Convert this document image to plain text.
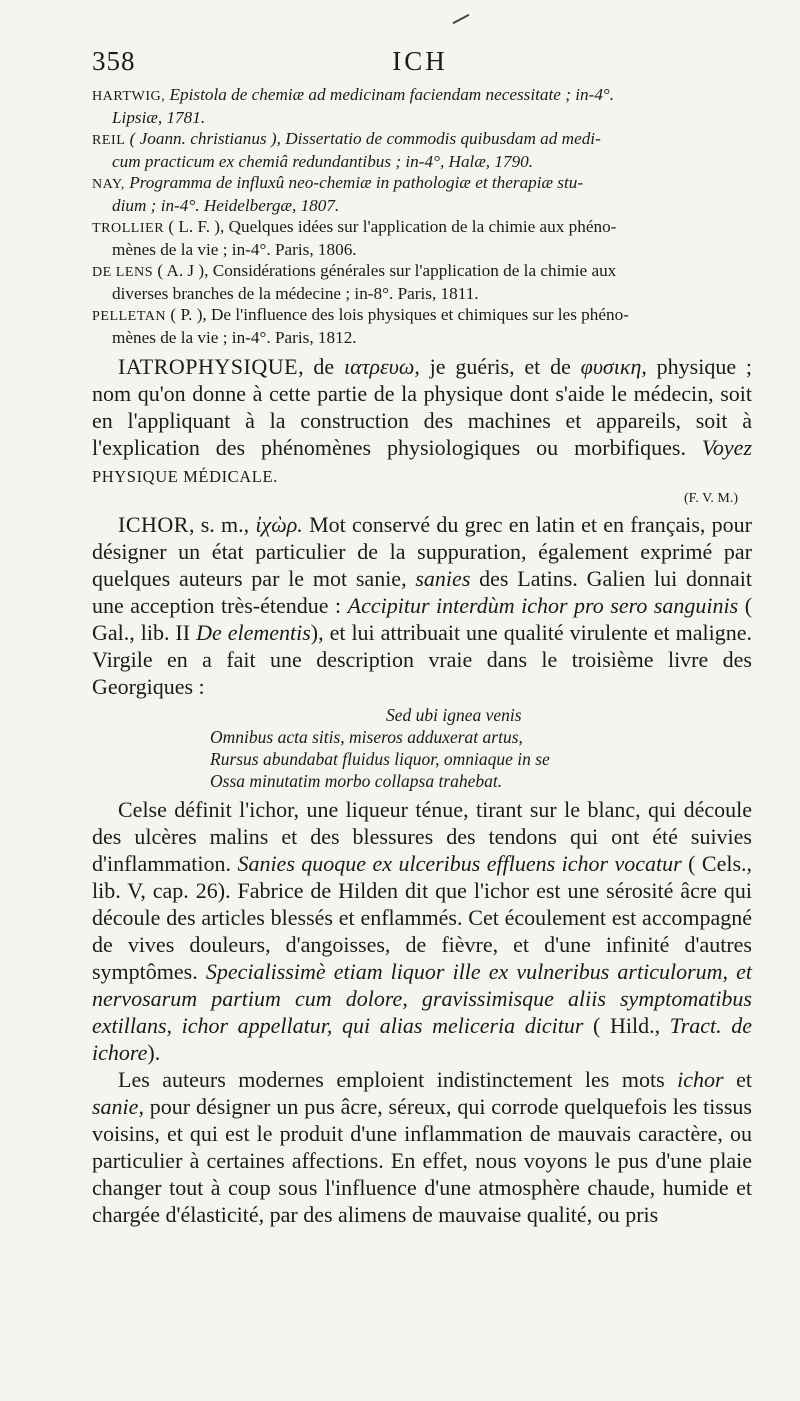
358	ICH

HARTWIG, Epistola de chemiæ ad medicinam faciendam necessitate ; in-4°.
Lipsiæ, 1781.

REIL ( Joann. christianus ), Dissertatio de commodis quibusdam ad medi-
cum practicum ex chemiâ redundantibus ; in-4°, Halæ, 1790.

NAY, Programma de influxû neo-chemiæ in pathologiæ et therapiæ stu-
dium ; in-4°. Heidelbergæ, 1807.

TROLLIER ( L. F. ), Quelques idées sur l'application de la chimie aux phéno-
mènes de la vie ; in-4°. Paris, 1806.

DE LENS ( A. J ), Considérations générales sur l'application de la chimie aux
diverses branches de la médecine ; in-8°. Paris, 1811.

PELLETAN ( P. ), De l'influence des lois physiques et chimiques sur les phéno-
mènes de la vie ; in-4°. Paris, 1812.

IATROPHYSIQUE, de ιατρευω, je guéris, et de φυσικη, physique ; nom qu'on donne à cette partie de la physique dont s'aide le médecin, soit en l'appliquant à la construction des machines et appareils, soit à l'explication des phénomènes physiologiques ou morbifiques. Voyez PHYSIQUE MÉDICALE.

(F. V. M.)

ICHOR, s. m., ἰχὼρ. Mot conservé du grec en latin et en français, pour désigner un état particulier de la suppuration, également exprimé par quelques auteurs par le mot sanie, sanies des Latins. Galien lui donnait une acception très-étendue : Accipitur interdùm ichor pro sero sanguinis ( Gal., lib. II De elementis), et lui attribuait une qualité virulente et maligne. Virgile en a fait une description vraie dans le troisième livre des Georgiques :

Sed ubi ignea venis
Omnibus acta sitis, miseros adduxerat artus,
Rursus abundabat fluidus liquor, omniaque in se
Ossa minutatim morbo collapsa trahebat.

Celse définit l'ichor, une liqueur ténue, tirant sur le blanc, qui découle des ulcères malins et des blessures des tendons qui ont été suivies d'inflammation. Sanies quoque ex ulceribus effluens ichor vocatur ( Cels., lib. V, cap. 26). Fabrice de Hilden dit que l'ichor est une sérosité âcre qui découle des articles blessés et enflammés. Cet écoulement est accompagné de vives douleurs, d'angoisses, de fièvre, et d'une infinité d'autres symptômes. Specialissimè etiam liquor ille ex vulneribus articulorum, et nervosarum partium cum dolore, gravissimisque aliis symptomatibus extillans, ichor appellatur, qui alias meliceria dicitur ( Hild., Tract. de ichore).

Les auteurs modernes emploient indistinctement les mots ichor et sanie, pour désigner un pus âcre, séreux, qui corrode quelquefois les tissus voisins, et qui est le produit d'une inflammation de mauvais caractère, ou particulier à certaines affections. En effet, nous voyons le pus d'une plaie changer tout à coup sous l'influence d'une atmosphère chaude, humide et chargée d'élasticité, par des alimens de mauvaise qualité, ou pris
